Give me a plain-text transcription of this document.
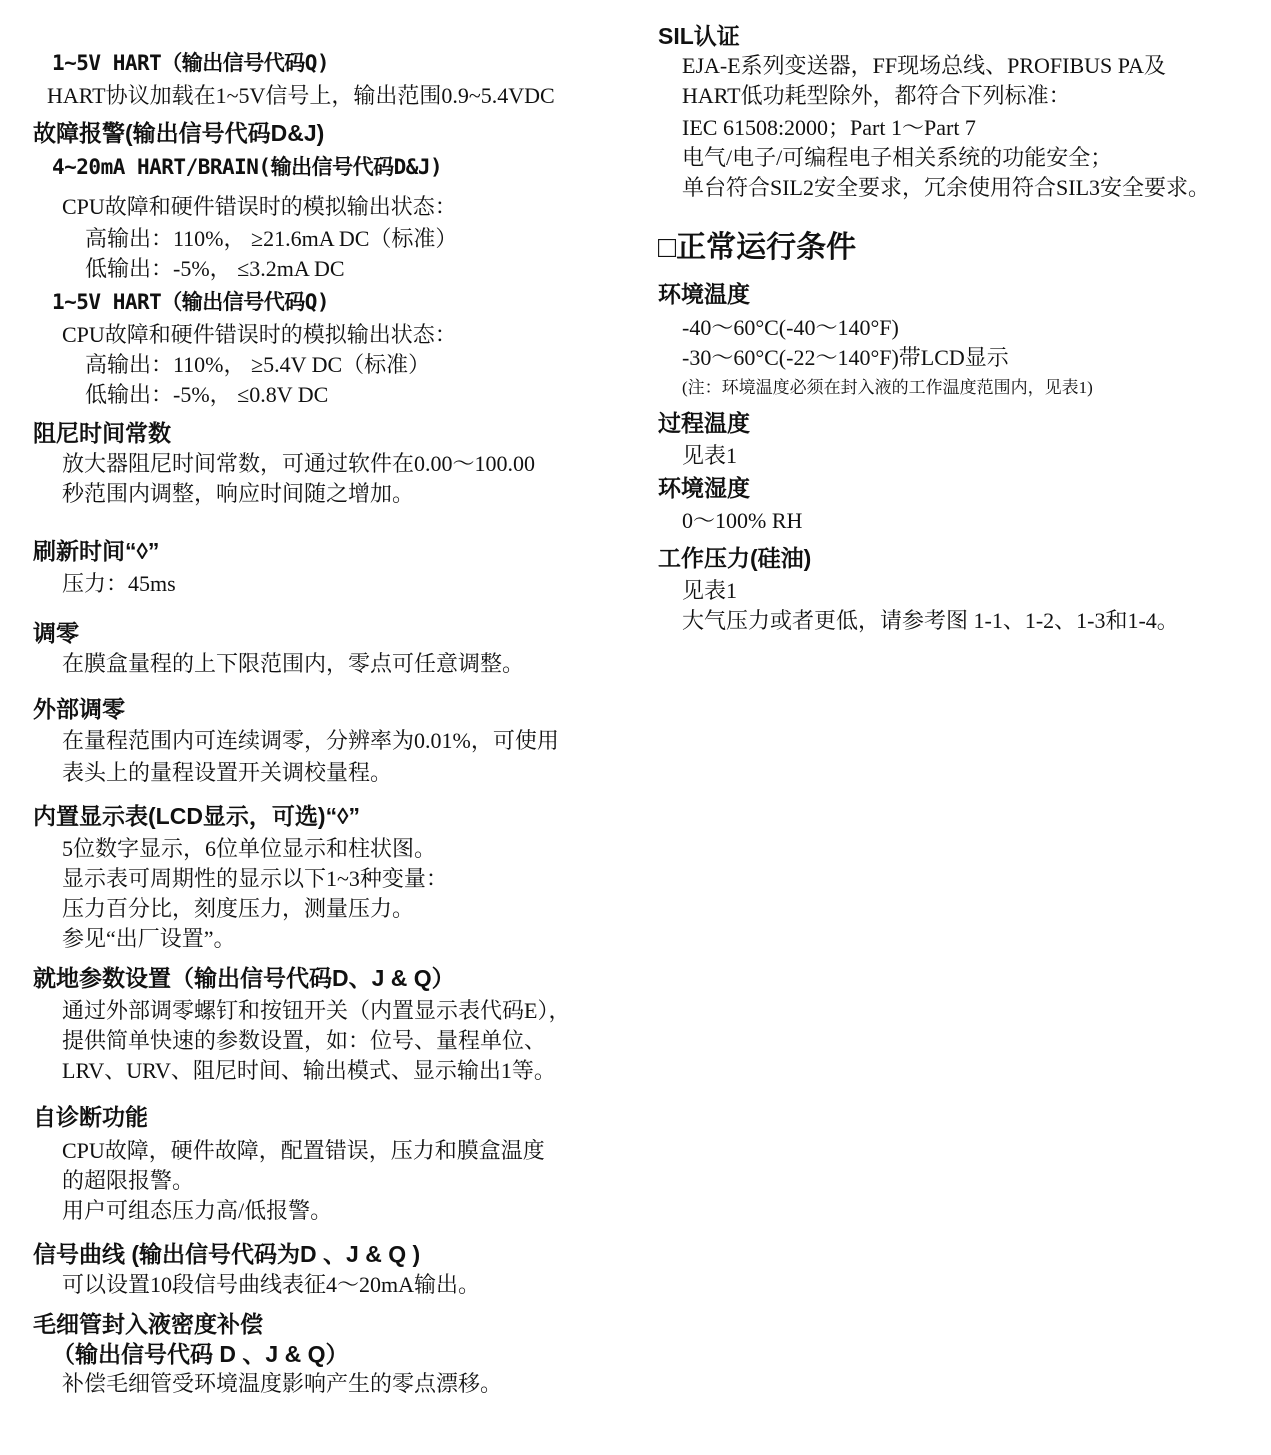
1~5V HART（输出信号代码Q)
HART协议加载在1~5V信号上，输出范围0.9~5.4VDC
故障报警(输出信号代码D&J)
4~20mA HART/BRAIN(输出信号代码D&J)
CPU故障和硬件错误时的模拟输出状态：
高输出：110%， ≥21.6mA DC（标准）
低输出：-5%， ≤3.2mA DC
1~5V HART（输出信号代码Q)
CPU故障和硬件错误时的模拟输出状态：
高输出：110%， ≥5.4V DC（标准）
低输出：-5%， ≤0.8V DC
阻尼时间常数
放大器阻尼时间常数，可通过软件在0.00～100.00
秒范围内调整，响应时间随之增加。
刷新时间“◊”
压力：45ms
调零
在膜盒量程的上下限范围内，零点可任意调整。
外部调零
在量程范围内可连续调零，分辨率为0.01%，可使用
表头上的量程设置开关调校量程。
内置显示表(LCD显示，可选)“◊”
5位数字显示，6位单位显示和柱状图。
显示表可周期性的显示以下1~3种变量：
压力百分比，刻度压力，测量压力。
参见“出厂设置”。
就地参数设置（输出信号代码D、J & Q）
通过外部调零螺钉和按钮开关（内置显示表代码E），
提供简单快速的参数设置，如：位号、量程单位、
LRV、URV、阻尼时间、输出模式、显示输出1等。
自诊断功能
CPU故障，硬件故障，配置错误，压力和膜盒温度
的超限报警。
用户可组态压力高/低报警。
信号曲线 (输出信号代码为D 、J & Q )
可以设置10段信号曲线表征4～20mA输出。
毛细管封入液密度补偿
（输出信号代码 D 、J & Q）
补偿毛细管受环境温度影响产生的零点漂移。
SIL认证
EJA-E系列变送器，FF现场总线、PROFIBUS PA及
HART低功耗型除外，都符合下列标准：
IEC 61508:2000；Part 1～Part 7
电气/电子/可编程电子相关系统的功能安全；
单台符合SIL2安全要求，冗余使用符合SIL3安全要求。
□正常运行条件
环境温度
-40～60°C(-40～140°F)
-30～60°C(-22～140°F)带LCD显示
(注：环境温度必须在封入液的工作温度范围内，见表1)
过程温度
见表1
环境湿度
0～100% RH
工作压力(硅油)
见表1
大气压力或者更低，请参考图 1-1、1-2、1-3和1-4。
